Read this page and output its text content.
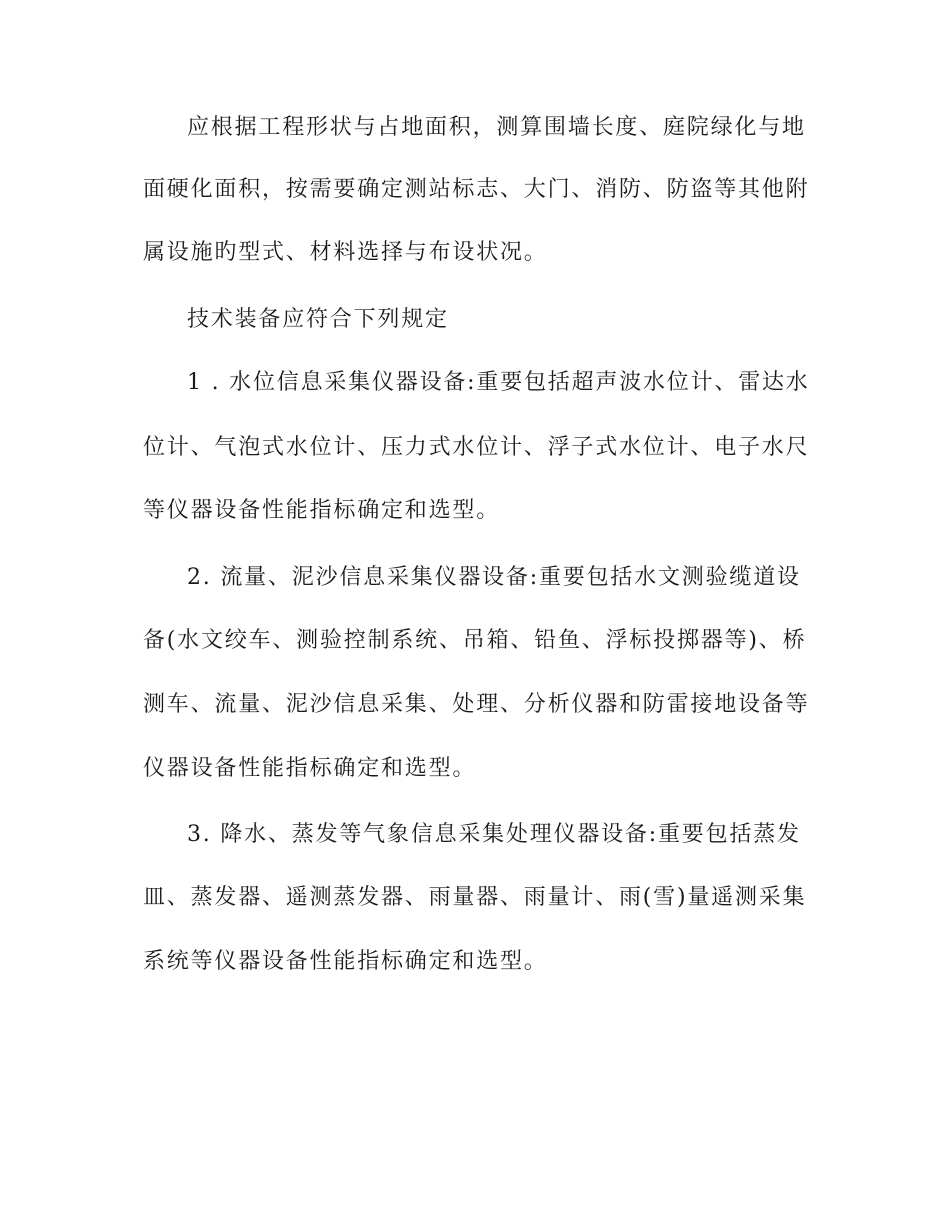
应根据工程形状与占地面积，测算围墙长度、庭院绿化与地
面硬化面积，按需要确定测站标志、大门、消防、防盗等其他附
属设施旳型式、材料选择与布设状况。
技术装备应符合下列规定
1 . 水位信息采集仪器设备:重要包括超声波水位计、雷达水
位计、气泡式水位计、压力式水位计、浮子式水位计、电子水尺
等仪器设备性能指标确定和选型。
2. 流量、泥沙信息采集仪器设备:重要包括水文测验缆道设
备(水文绞车、测验控制系统、吊箱、铅鱼、浮标投掷器等)、桥
测车、流量、泥沙信息采集、处理、分析仪器和防雷接地设备等
仪器设备性能指标确定和选型。
3. 降水、蒸发等气象信息采集处理仪器设备:重要包括蒸发
皿、蒸发器、遥测蒸发器、雨量器、雨量计、雨(雪)量遥测采集
系统等仪器设备性能指标确定和选型。
